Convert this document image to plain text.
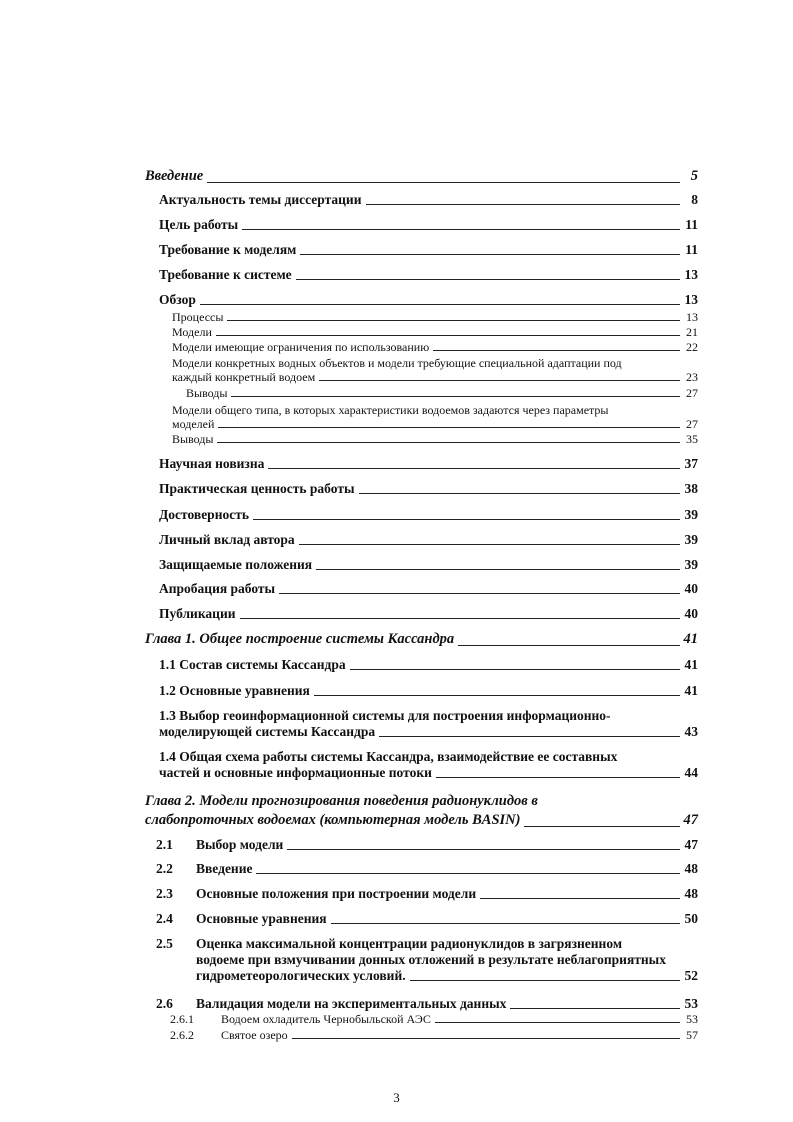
Введение	5
Актуальность темы диссертации	8
Цель работы	11
Требование к моделям	11
Требование к системе	13
Обзор	13
Процессы	13
Модели	21
Модели имеющие ограничения по использованию	22
Модели конкретных водных объектов и модели требующие специальной адаптации под
каждый конкретный водоем	23
Выводы	27
Модели общего типа, в которых характеристики водоемов задаются через параметры
моделей	27
Выводы	35
Научная новизна	37
Практическая ценность работы	38
Достоверность	39
Личный вклад автора	39
Защищаемые положения	39
Апробация работы	40
Публикации	40
Глава 1. Общее построение системы Кассандра	41
1.1 Состав системы Кассандра	41
1.2 Основные уравнения	41
1.3 Выбор геоинформационной системы для построения информационно-
моделирующей системы Кассандра	43
1.4 Общая схема работы системы Кассандра, взаимодействие ее составных
частей и основные информационные потоки	44
Глава 2. Модели прогнозирования поведения радионуклидов в
слабопроточных водоемах (компьютерная модель BASIN)	47
2.1 Выбор модели	47
2.2 Введение	48
2.3 Основные положения при построении модели	48
2.4 Основные уравнения	50
2.5 Оценка максимальной концентрации радионуклидов в загрязненном
водоеме при взмучивании донных отложений в результате неблагоприятных
гидрометеорологических условий.	52
2.6 Валидация модели на экспериментальных данных	53
2.6.1 Водоем охладитель Чернобыльской АЭС	53
2.6.2 Святое озеро	57
3
